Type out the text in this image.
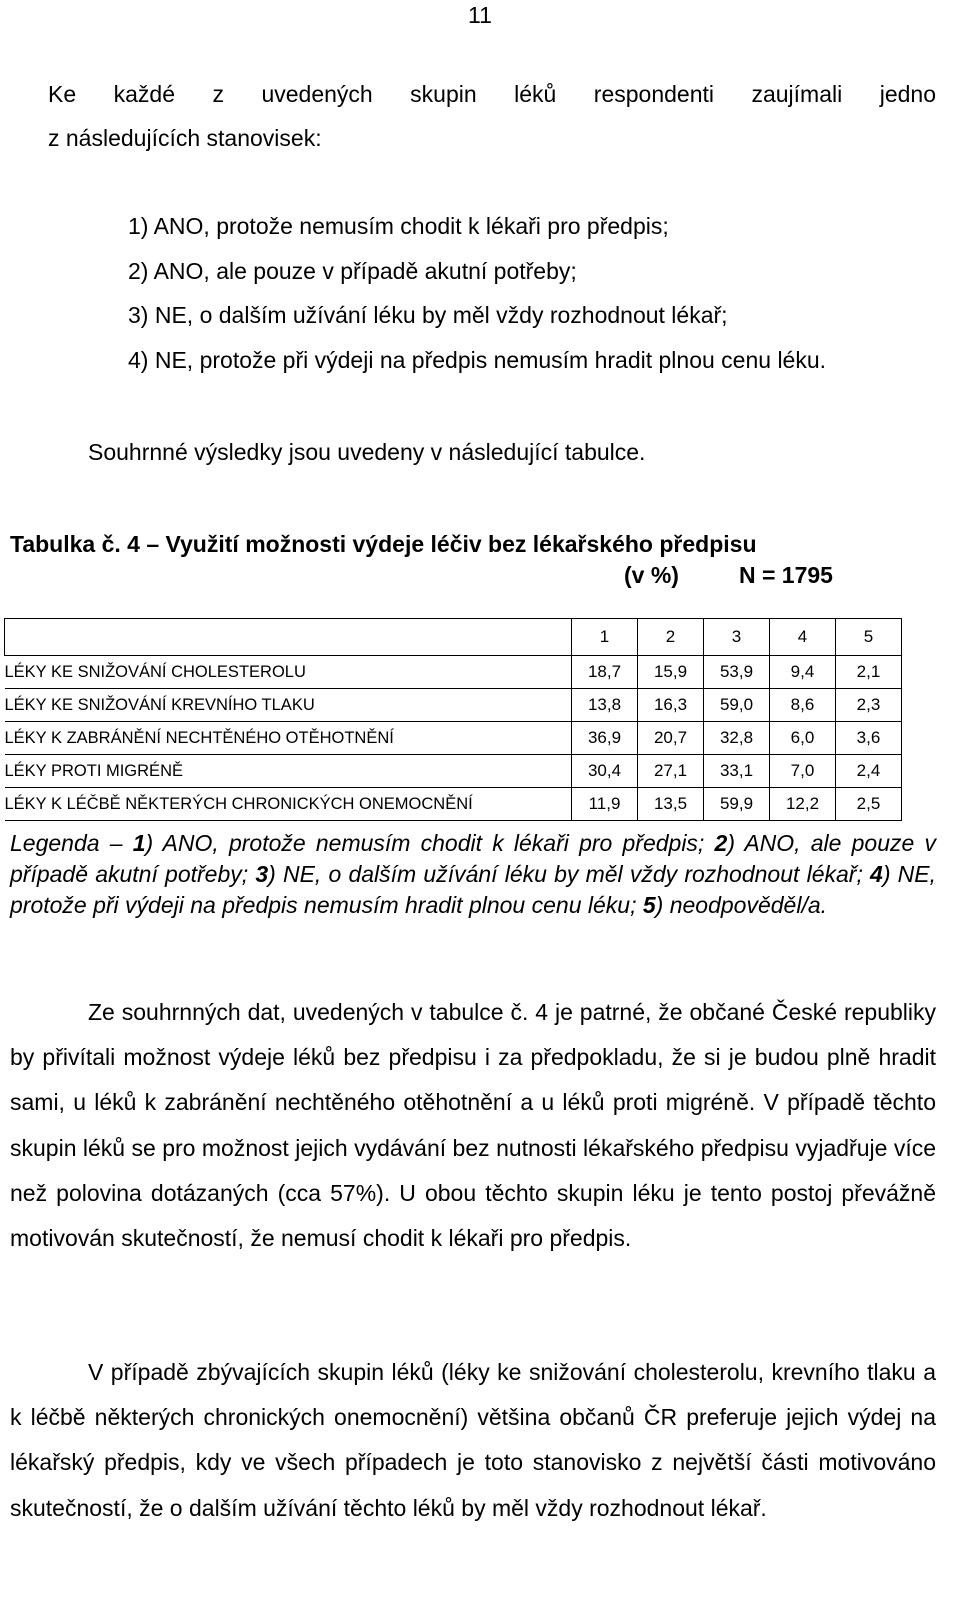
11

Ke každé z uvedených skupin léků respondenti zaujímali jedno

z následujících stanovisek:

1) ANO, protože nemusím chodit k lékaři pro předpis;
2) ANO, ale pouze v případě akutní potřeby;
3) NE, o dalším užívání léku by měl vždy rozhodnout lékař;
4) NE, protože při výdeji na předpis nemusím hradit plnou cenu léku.

Souhrnné výsledky jsou uvedeny v následující tabulce.

Tabulka č. 4 – Využití možnosti výdeje léčiv bez lékařského předpisu

(v %)	N = 1795

	1	2	3	4	5
LÉKY KE SNIŽOVÁNÍ CHOLESTEROLU	18,7	15,9	53,9	9,4	2,1
LÉKY KE SNIŽOVÁNÍ KREVNÍHO TLAKU	13,8	16,3	59,0	8,6	2,3
LÉKY K ZABRÁNĚNÍ NECHTĚNÉHO OTĚHOTNĚNÍ	36,9	20,7	32,8	6,0	3,6
LÉKY PROTI MIGRÉNĚ	30,4	27,1	33,1	7,0	2,4
LÉKY K LÉČBĚ NĚKTERÝCH CHRONICKÝCH ONEMOCNĚNÍ	11,9	13,5	59,9	12,2	2,5

Legenda – 1) ANO, protože nemusím chodit k lékaři pro předpis; 2) ANO, ale pouze v případě akutní potřeby; 3) NE, o dalším užívání léku by měl vždy rozhodnout lékař; 4) NE, protože při výdeji na předpis nemusím hradit plnou cenu léku; 5) neodpověděl/a.

Ze souhrnných dat, uvedených v tabulce č. 4 je patrné, že občané České republiky by přivítali možnost výdeje léků bez předpisu i za předpokladu, že si je budou plně hradit sami, u léků k zabránění nechtěného otěhotnění a u léků proti migréně. V případě těchto skupin léků se pro možnost jejich vydávání bez nutnosti lékařského předpisu vyjadřuje více než polovina dotázaných (cca 57%). U obou těchto skupin léku je tento postoj převážně motivován skutečností, že nemusí chodit k lékaři pro předpis.

V případě zbývajících skupin léků (léky ke snižování cholesterolu, krevního tlaku a k léčbě některých chronických onemocnění) většina občanů ČR preferuje jejich výdej na lékařský předpis, kdy ve všech případech je toto stanovisko z největší části motivováno skutečností, že o dalším užívání těchto léků by měl vždy rozhodnout lékař.
